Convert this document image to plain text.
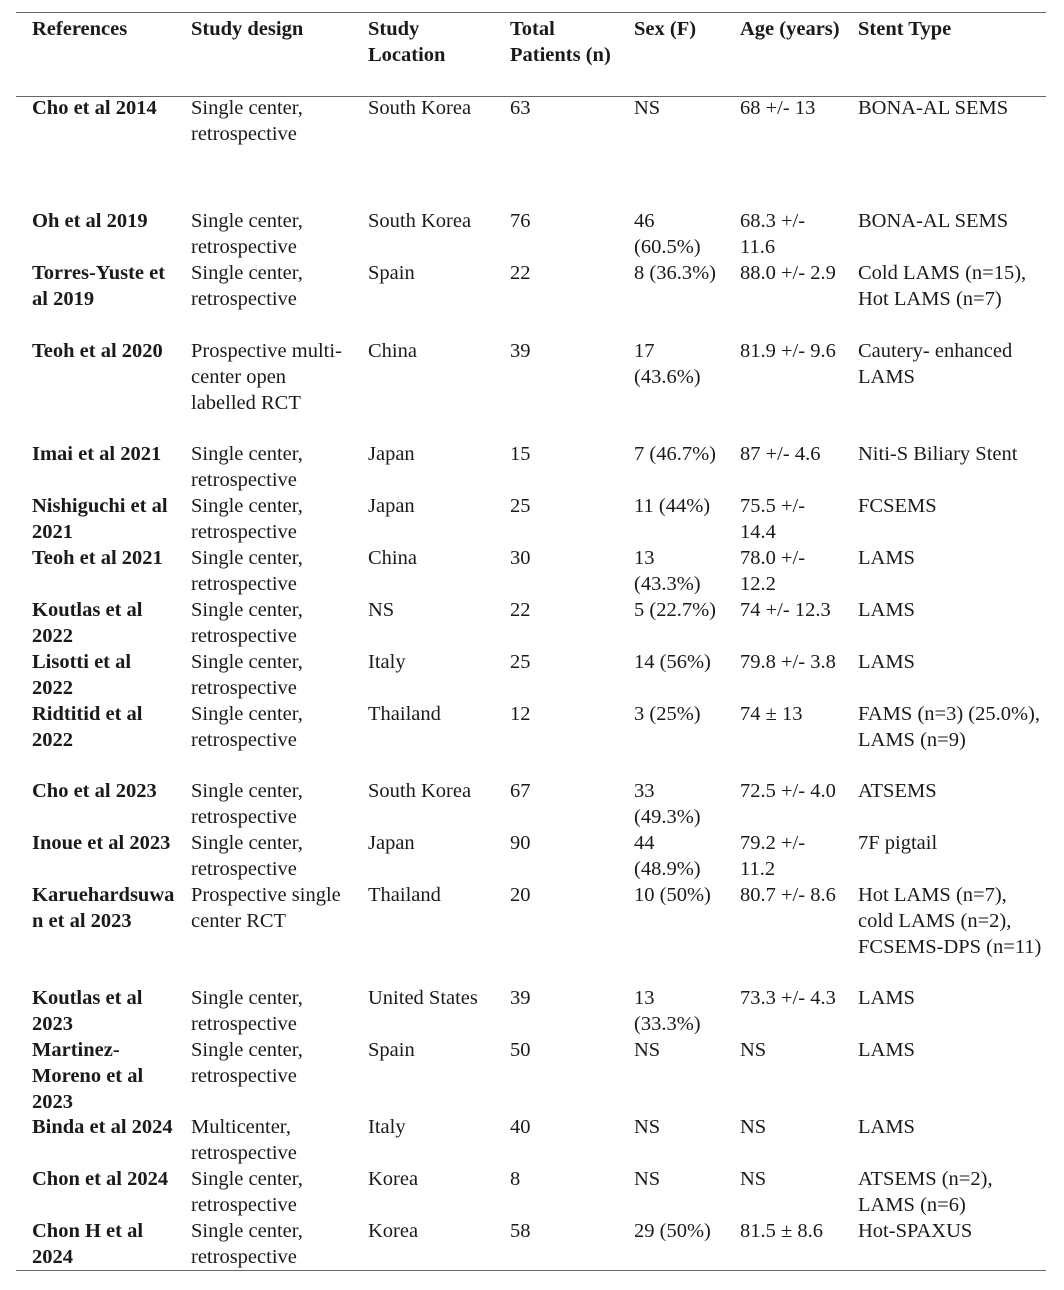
References	Study design	Study Location	Total Patients (n)	Sex (F)	Age (years)	Stent Type
Cho et al 2014	Single center, retrospective	South Korea	63	NS	68 +/- 13	BONA-AL SEMS
Oh et al 2019	Single center, retrospective	South Korea	76	46 (60.5%)	68.3 +/- 11.6	BONA-AL SEMS
Torres-Yuste et al 2019	Single center, retrospective	Spain	22	8 (36.3%)	88.0 +/- 2.9	Cold LAMS (n=15), Hot LAMS (n=7)
Teoh et al 2020	Prospective multi- center open labelled RCT	China	39	17 (43.6%)	81.9 +/- 9.6	Cautery- enhanced LAMS
Imai et al 2021	Single center, retrospective	Japan	15	7 (46.7%)	87 +/- 4.6	Niti-S Biliary Stent
Nishiguchi et al 2021	Single center, retrospective	Japan	25	11 (44%)	75.5 +/- 14.4	FCSEMS
Teoh et al 2021	Single center, retrospective	China	30	13 (43.3%)	78.0 +/- 12.2	LAMS
Koutlas et al 2022	Single center, retrospective	NS	22	5 (22.7%)	74 +/- 12.3	LAMS
Lisotti et al 2022	Single center, retrospective	Italy	25	14 (56%)	79.8 +/- 3.8	LAMS
Ridtitid et al 2022	Single center, retrospective	Thailand	12	3 (25%)	74 ± 13	FAMS (n=3) (25.0%), LAMS (n=9)
Cho et al 2023	Single center, retrospective	South Korea	67	33 (49.3%)	72.5 +/- 4.0	ATSEMS
Inoue et al 2023	Single center, retrospective	Japan	90	44 (48.9%)	79.2 +/- 11.2	7F pigtail
Karuehardsuwan et al 2023	Prospective single center RCT	Thailand	20	10 (50%)	80.7 +/- 8.6	Hot LAMS (n=7), cold LAMS (n=2), FCSEMS-DPS (n=11)
Koutlas et al 2023	Single center, retrospective	United States	39	13 (33.3%)	73.3 +/- 4.3	LAMS
Martinez-Moreno et al 2023	Single center, retrospective	Spain	50	NS	NS	LAMS
Binda et al 2024	Multicenter, retrospective	Italy	40	NS	NS	LAMS
Chon et al 2024	Single center, retrospective	Korea	8	NS	NS	ATSEMS (n=2), LAMS (n=6)
Chon H et al 2024	Single center, retrospective	Korea	58	29 (50%)	81.5 ± 8.6	Hot-SPAXUS
